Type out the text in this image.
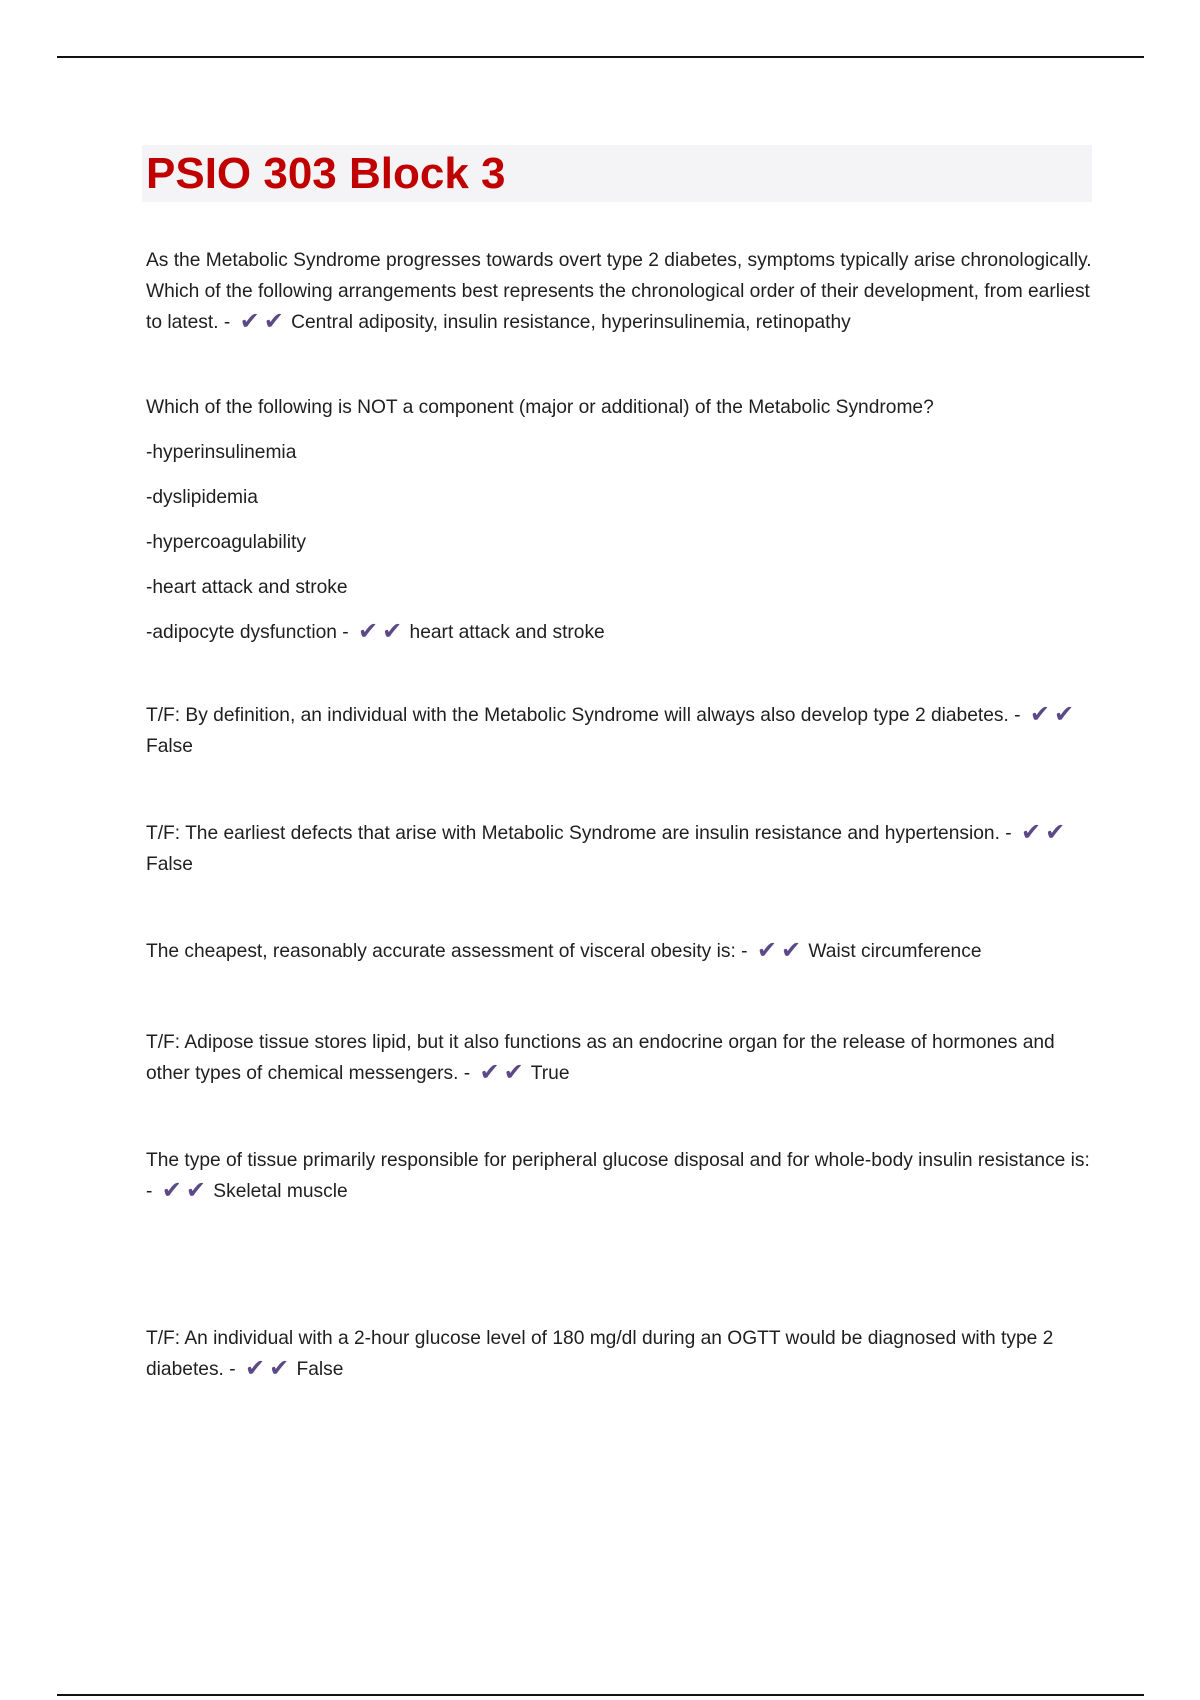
PSIO 303 Block 3
As the Metabolic Syndrome progresses towards overt type 2 diabetes, symptoms typically arise chronologically. Which of the following arrangements best represents the chronological order of their development, from earliest to latest. - ✔ ✔ Central adiposity, insulin resistance, hyperinsulinemia, retinopathy

Which of the following is NOT a component (major or additional) of the Metabolic Syndrome?

-hyperinsulinemia

-dyslipidemia

-hypercoagulability

-heart attack and stroke

-adipocyte dysfunction - ✔ ✔ heart attack and stroke

T/F: By definition, an individual with the Metabolic Syndrome will always also develop type 2 diabetes. - ✔ ✔ False
T/F: The earliest defects that arise with Metabolic Syndrome are insulin resistance and hypertension. - ✔ ✔ False
The cheapest, reasonably accurate assessment of visceral obesity is: - ✔ ✔ Waist circumference
T/F: Adipose tissue stores lipid, but it also functions as an endocrine organ for the release of hormones and other types of chemical messengers. - ✔ ✔ True
The type of tissue primarily responsible for peripheral glucose disposal and for whole-body insulin resistance is: - ✔ ✔ Skeletal muscle
T/F: An individual with a 2-hour glucose level of 180 mg/dl during an OGTT would be diagnosed with type 2 diabetes. - ✔ ✔ False
